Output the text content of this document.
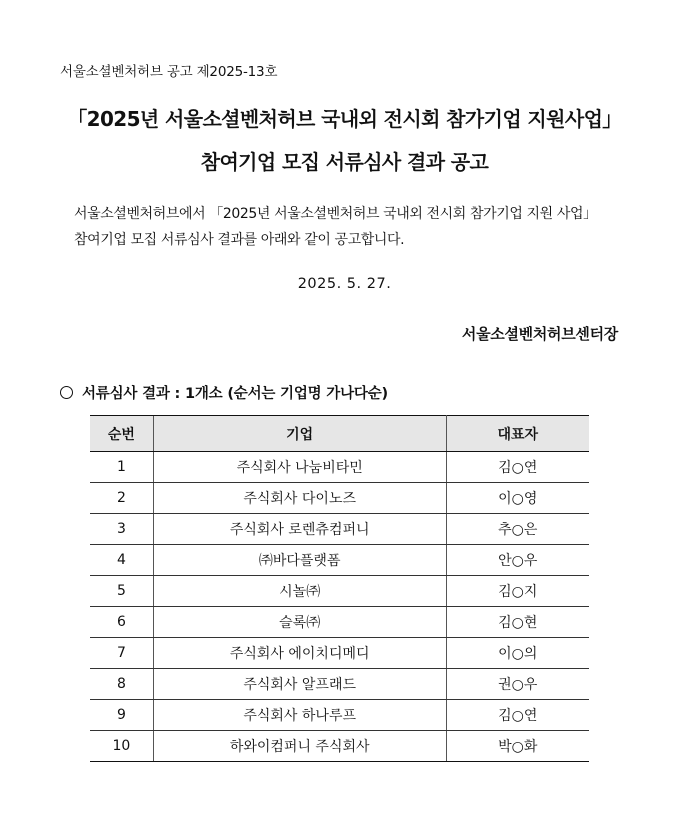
서울소셜벤처허브 공고 제2025-13호
「2025년 서울소셜벤처허브 국내외 전시회 참가기업 지원사업」
참여기업 모집 서류심사 결과 공고
서울소셜벤처허브에서 「2025년 서울소셜벤처허브 국내외 전시회 참가기업 지원 사업」
참여기업 모집 서류심사 결과를 아래와 같이 공고합니다.
2025. 5. 27.
서울소셜벤처허브센터장
서류심사 결과 : 1개소 (순서는 기업명 가나다순)
순번	기업	대표자
1	주식회사 나눔비타민	김○연
2	주식회사 다이노즈	이○영
3	주식회사 로렌츄컴퍼니	추○은
4	㈜바다플랫폼	안○우
5	시놀㈜	김○지
6	슬록㈜	김○현
7	주식회사 에이치디메디	이○의
8	주식회사 알프래드	권○우
9	주식회사 하나루프	김○연
10	하와이컴퍼니 주식회사	박○화
